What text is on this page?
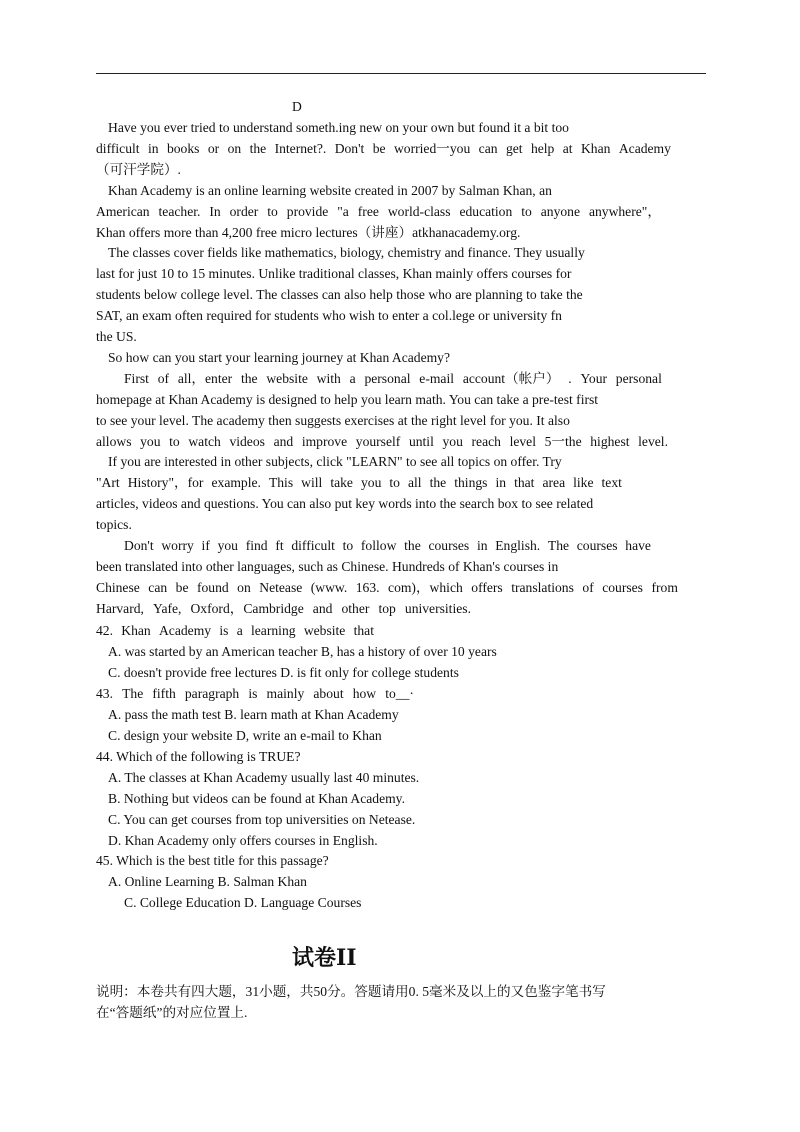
D
Have you ever tried to understand someth.ing new on your own but found it a bit too
difficult in books or on the Internet?. Don't be worried一you can get help at Khan Academy
（可汗学院）.
Khan Academy is an online learning website created in 2007 by Salman Khan, an
American teacher. In order to provide "a free world-class education to anyone anywhere"，
Khan offers more than 4,200 free micro lectures（讲座）atkhanacademy.org.
The classes cover fields like mathematics, biology, chemistry and finance. They usually
last for just 10 to 15 minutes. Unlike traditional classes, Khan mainly offers courses for
students below college level. The classes can also help those who are planning to take the
SAT, an exam often required for students who wish to enter a col.lege or university fn
the US.
So how can you start your learning journey at Khan Academy?
First of all，enter the website with a personal e-mail account（帐户） . Your personal
homepage at Khan Academy is designed to help you learn math. You can take a pre-test first
to see your level. The academy then suggests exercises at the right level for you. It also
allows you to watch videos and improve yourself until you reach level 5一the highest level.
If you are interested in other subjects, click "LEARN" to see all topics on offer. Try
"Art History"，for example. This will take you to all the things in that area like text
articles, videos and questions. You can also put key words into the search box to see related
topics.
Don't worry if you find ft difficult to follow the courses in English. The courses have
been translated into other languages, such as Chinese. Hundreds of Khan's courses in
Chinese can be found on Netease (www. 163. com)，which offers translations of courses from
Harvard, Yafe, Oxford，Cambridge and other top universities.
42. Khan Academy is a learning website that
A. was started by an American teacher B, has a history of over 10 years
C. doesn't provide free lectures D. is fit only for college students
43. The fifth paragraph is mainly about how to__·
A. pass the math test B. learn math at Khan Academy
C. design your website D, write an e-mail to Khan
44. Which of the following is TRUE?
A. The classes at Khan Academy usually last 40 minutes.
B. Nothing but videos can be found at Khan Academy.
C. You can get courses from top universities on Netease.
D. Khan Academy only offers courses in English.
45. Which is the best title for this passage?
A. Online Learning B. Salman Khan
C. College Education D. Language Courses
试卷II
说明：本卷共有四大题，31小题，共50分。答题请用0. 5毫米及以上的又色鉴字笔书写
在“答题纸”的对应位置上.
